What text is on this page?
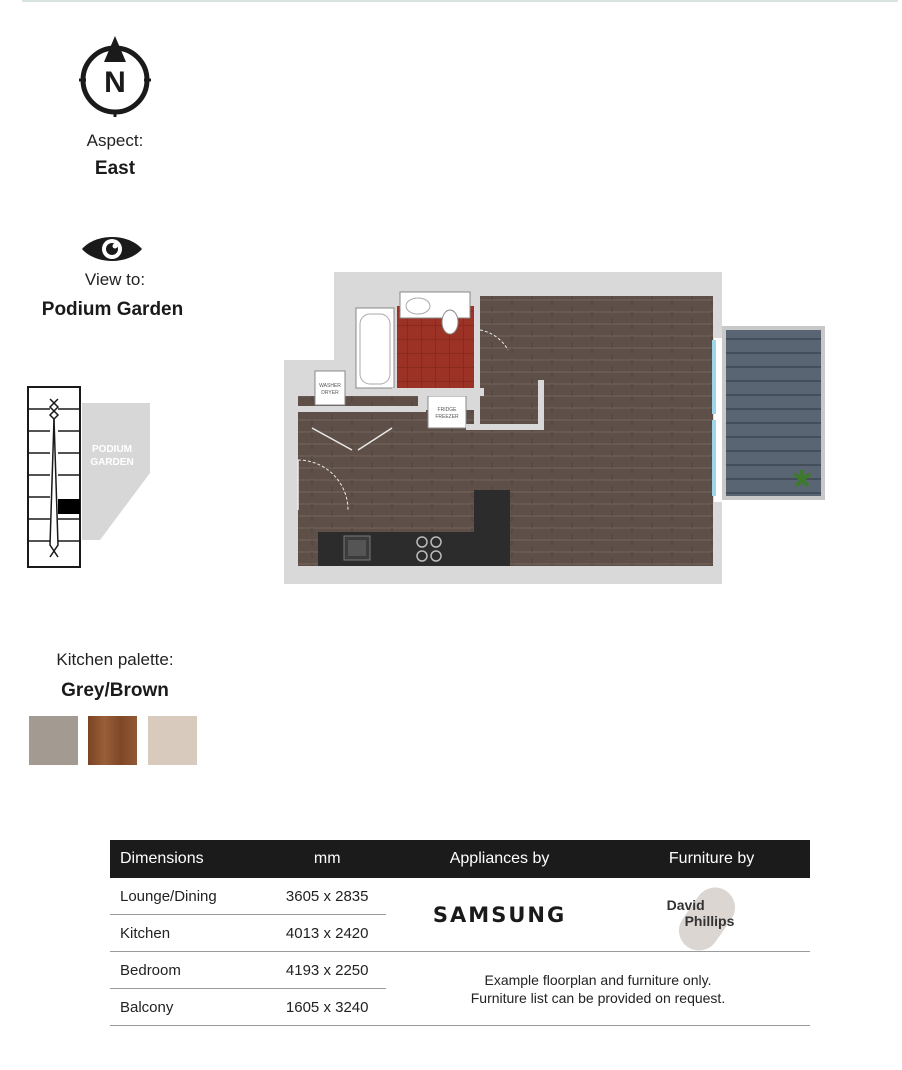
N
Aspect:
East
View to:
Podium Garden
PODIUM
GARDEN
WASHER
DRYER
FRIDGE
FREEZER
Kitchen palette:
Grey/Brown
Dimensions	mm	Appliances by	Furniture by
Lounge/Dining	3605 x 2835	SAMSUNG	David
Phillips

Kitchen	4013 x 2420		
Bedroom	4193 x 2250	Example floorplan and furniture only.
Furniture list can be provided on request.	

Balcony	1605 x 3240		
